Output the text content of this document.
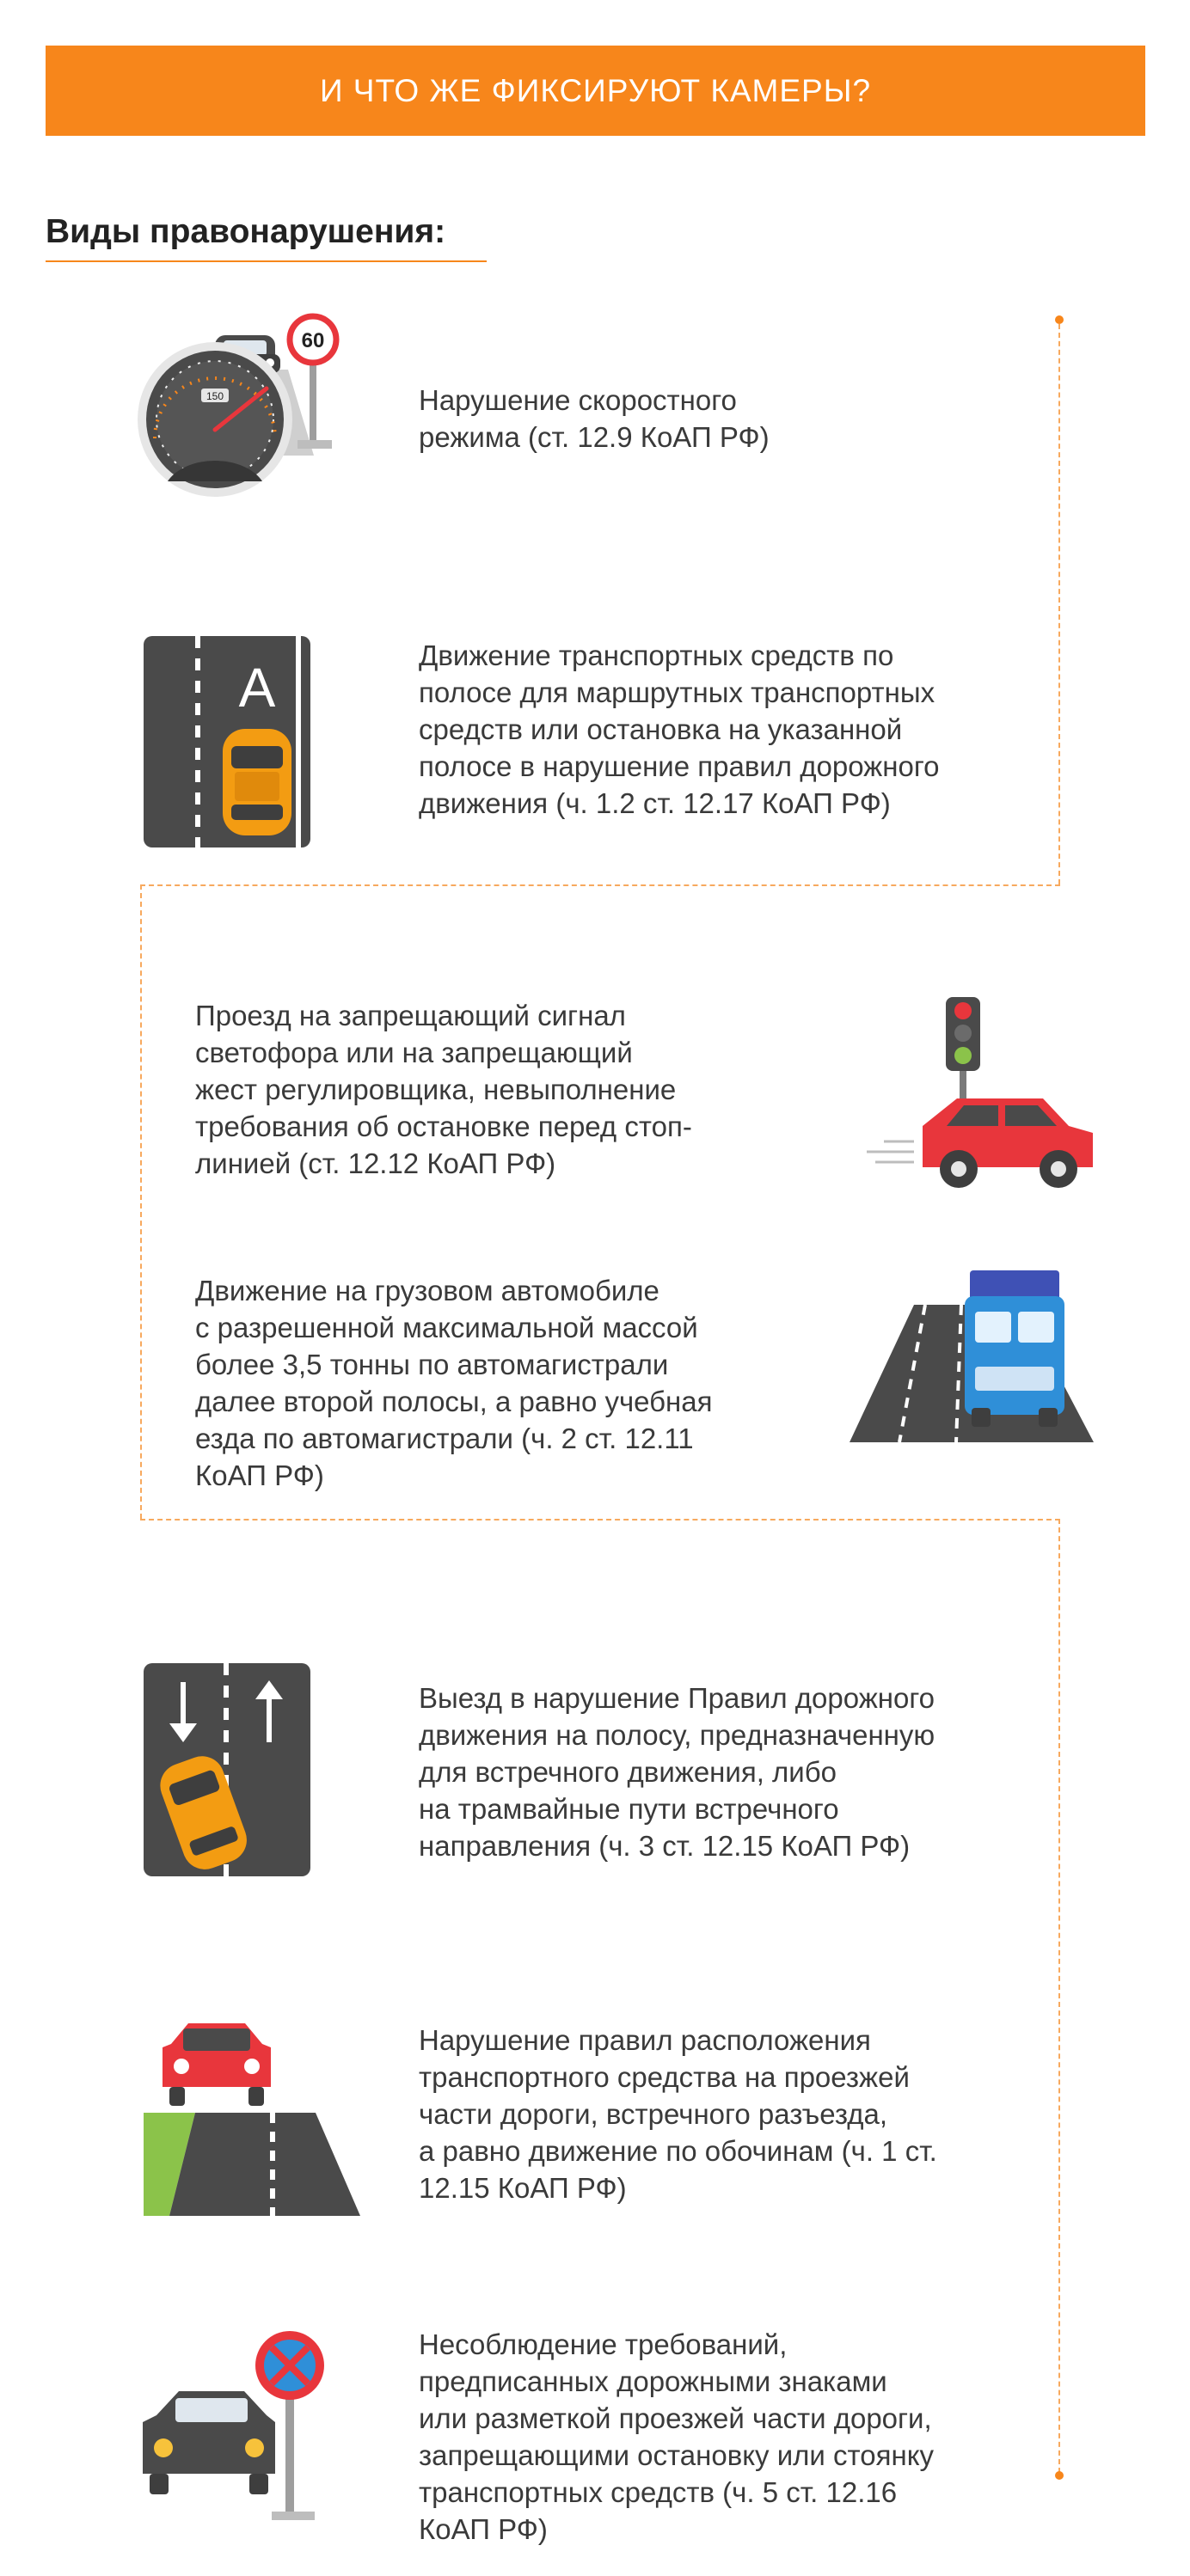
И ЧТО ЖЕ ФИКСИРУЮТ КАМЕРЫ?
Виды правонарушения:
60
150	Нарушение скоростного
режима (ст. 12.9 КоАП РФ)
А
Движение транспортных средств по
полосе для маршрутных транспортных
средств или остановка на указанной
полосе в нарушение правил дорожного
движения (ч. 1.2 ст. 12.17 КоАП РФ)
Проезд на запрещающий сигнал
светофора или на запрещающий
жест регулировщика, невыполнение
требования об остановке перед стоп-
линией (ст. 12.12 КоАП РФ)
Движение на грузовом автомобиле
с разрешенной максимальной массой
более 3,5 тонны по автомагистрали
далее второй полосы, а равно учебная
езда по автомагистрали (ч. 2 ст. 12.11
КоАП РФ)
Выезд в нарушение Правил дорожного
движения на полосу, предназначенную
для встречного движения, либо
на трамвайные пути встречного
направления (ч. 3 ст. 12.15 КоАП РФ)
Нарушение правил расположения
транспортного средства на проезжей
части дороги, встречного разъезда,
а равно движение по обочинам (ч. 1 ст.
12.15 КоАП РФ)
Несоблюдение требований,
предписанных дорожными знаками
или разметкой проезжей части дороги,
запрещающими остановку или стоянку
транспортных средств (ч. 5 ст. 12.16
КоАП РФ)
